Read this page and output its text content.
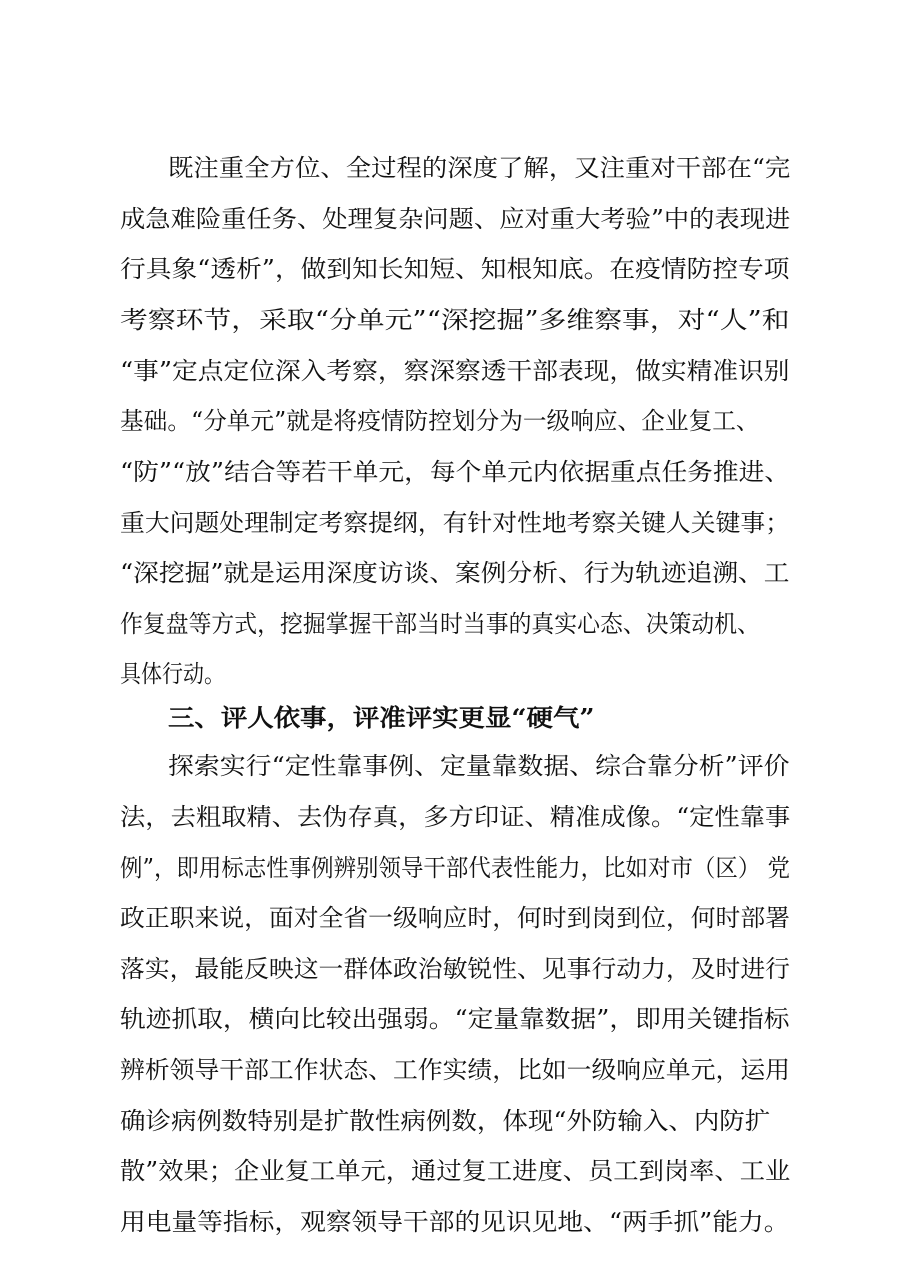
既注重全方位、全过程的深度了解，又注重对干部在“完

成急难险重任务、处理复杂问题、应对重大考验”中的表现进

行具象“透析”，做到知长知短、知根知底。在疫情防控专项

考察环节，采取“分单元”“深挖掘”多维察事，对“人”和

“事”定点定位深入考察，察深察透干部表现，做实精准识别

基础。“分单元”就是将疫情防控划分为一级响应、企业复工、

“防”“放”结合等若干单元，每个单元内依据重点任务推进、

重大问题处理制定考察提纲，有针对性地考察关键人关键事；

“深挖掘”就是运用深度访谈、案例分析、行为轨迹追溯、工

作复盘等方式，挖掘掌握干部当时当事的真实心态、决策动机、

具体行动。

三、评人依事，评准评实更显“硬气”

探索实行“定性靠事例、定量靠数据、综合靠分析”评价

法，去粗取精、去伪存真，多方印证、精准成像。“定性靠事

例”，即用标志性事例辨别领导干部代表性能力，比如对市（区） 党

政正职来说，面对全省一级响应时，何时到岗到位，何时部署

落实，最能反映这一群体政治敏锐性、见事行动力，及时进行

轨迹抓取，横向比较出强弱。“定量靠数据”，即用关键指标

辨析领导干部工作状态、工作实绩，比如一级响应单元，运用

确诊病例数特别是扩散性病例数，体现“外防输入、内防扩

散”效果；企业复工单元，通过复工进度、员工到岗率、工业

用电量等指标，观察领导干部的见识见地、“两手抓”能力。
